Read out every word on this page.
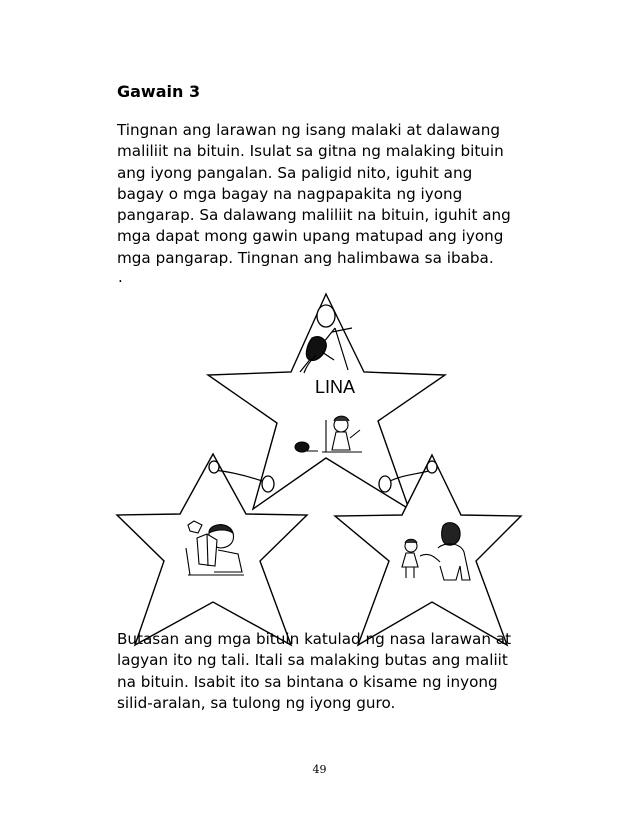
Gawain 3
Tingnan ang larawan ng isang malaki at dalawang
maliliit na bituin. Isulat sa gitna ng malaking bituin
ang iyong pangalan. Sa paligid nito, iguhit ang
bagay o mga bagay na nagpapakita ng iyong
pangarap. Sa dalawang maliliit na bituin, iguhit ang
mga dapat mong gawin upang matupad ang iyong
mga pangarap. Tingnan ang halimbawa sa ibaba.
.
LINA
Butasan ang mga bituin katulad ng nasa larawan at
lagyan ito ng tali. Itali sa malaking butas ang maliit
na bituin. Isabit ito sa bintana o kisame ng inyong
silid-aralan, sa tulong ng iyong guro.
49
